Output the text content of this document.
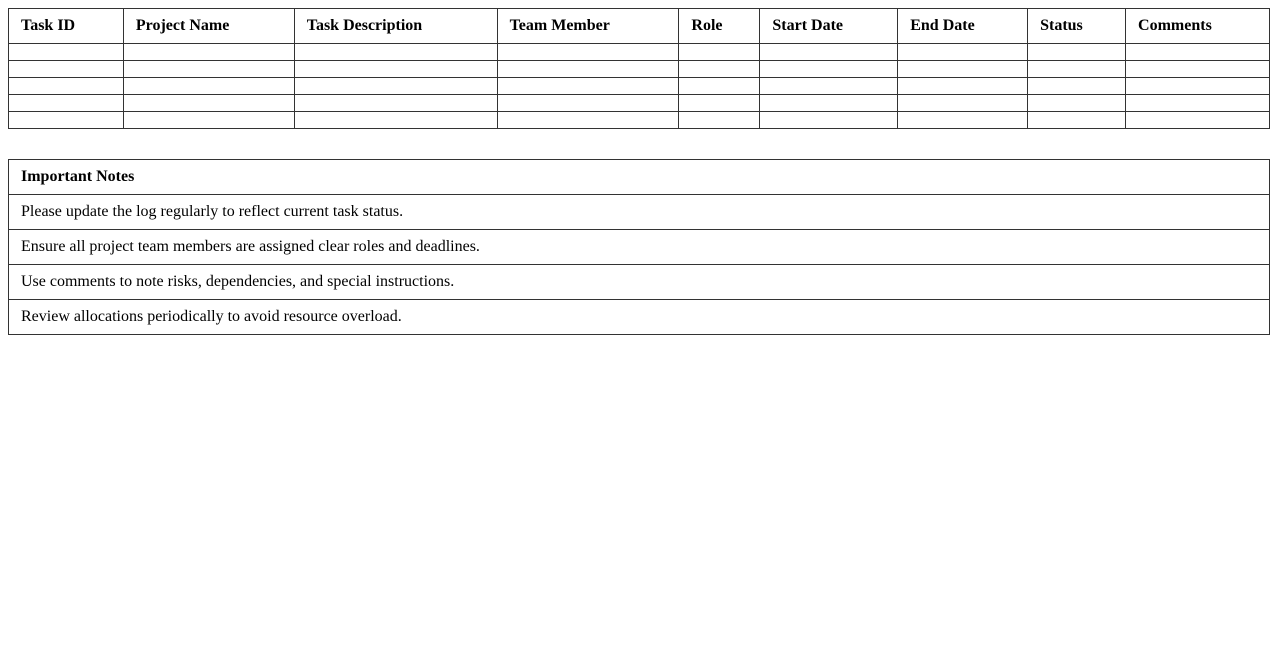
Task ID	Project Name	Task Description	Team Member	Role	Start Date	End Date	Status	Comments

Important Notes
Please update the log regularly to reflect current task status.
Ensure all project team members are assigned clear roles and deadlines.
Use comments to note risks, dependencies, and special instructions.
Review allocations periodically to avoid resource overload.
